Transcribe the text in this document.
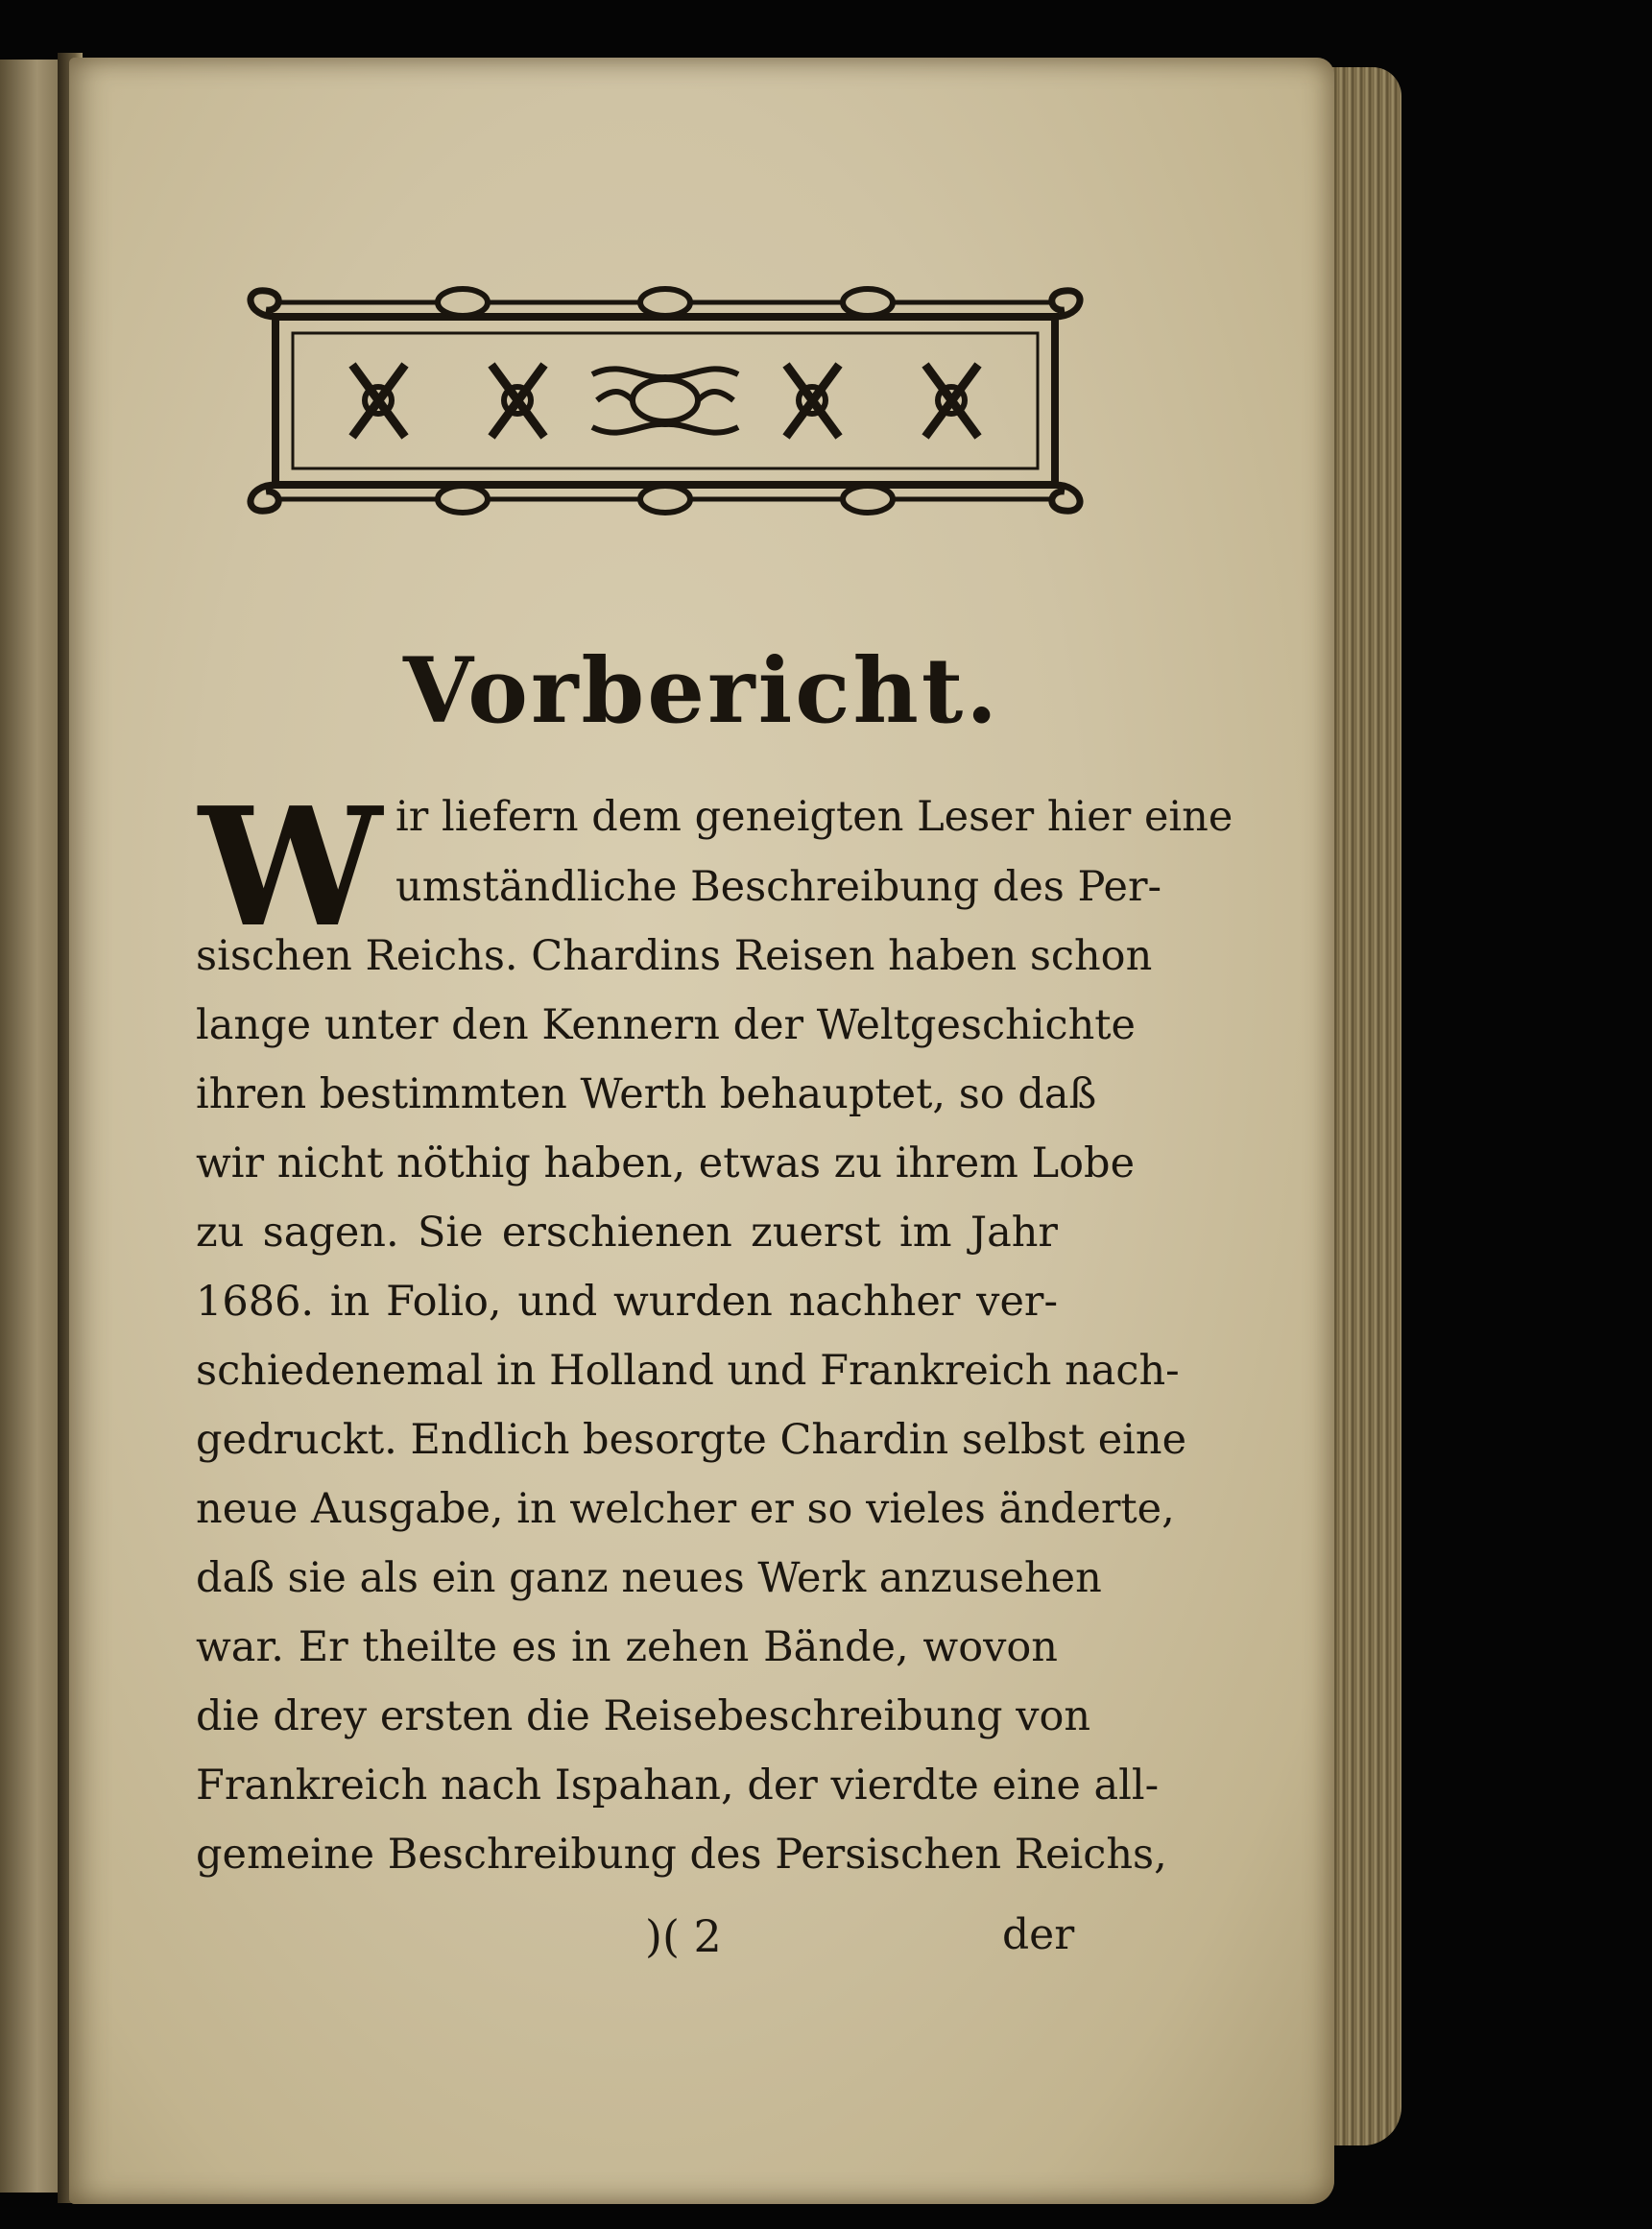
Vorbericht.
W ir liefern dem geneigten Leser hier eine
umständliche Beschreibung des Per-
sischen Reichs. Chardins Reisen haben schon
lange unter den Kennern der Weltgeschichte
ihren bestimmten Werth behauptet, so daß
wir nicht nöthig haben, etwas zu ihrem Lobe
zu sagen. Sie erschienen zuerst im Jahr
1686. in Folio, und wurden nachher ver-
schiedenemal in Holland und Frankreich nach-
gedruckt. Endlich besorgte Chardin selbst eine
neue Ausgabe, in welcher er so vieles änderte,
daß sie als ein ganz neues Werk anzusehen
war. Er theilte es in zehen Bände, wovon
die drey ersten die Reisebeschreibung von
Frankreich nach Ispahan, der vierdte eine all-
gemeine Beschreibung des Persischen Reichs,
)( 2	der
